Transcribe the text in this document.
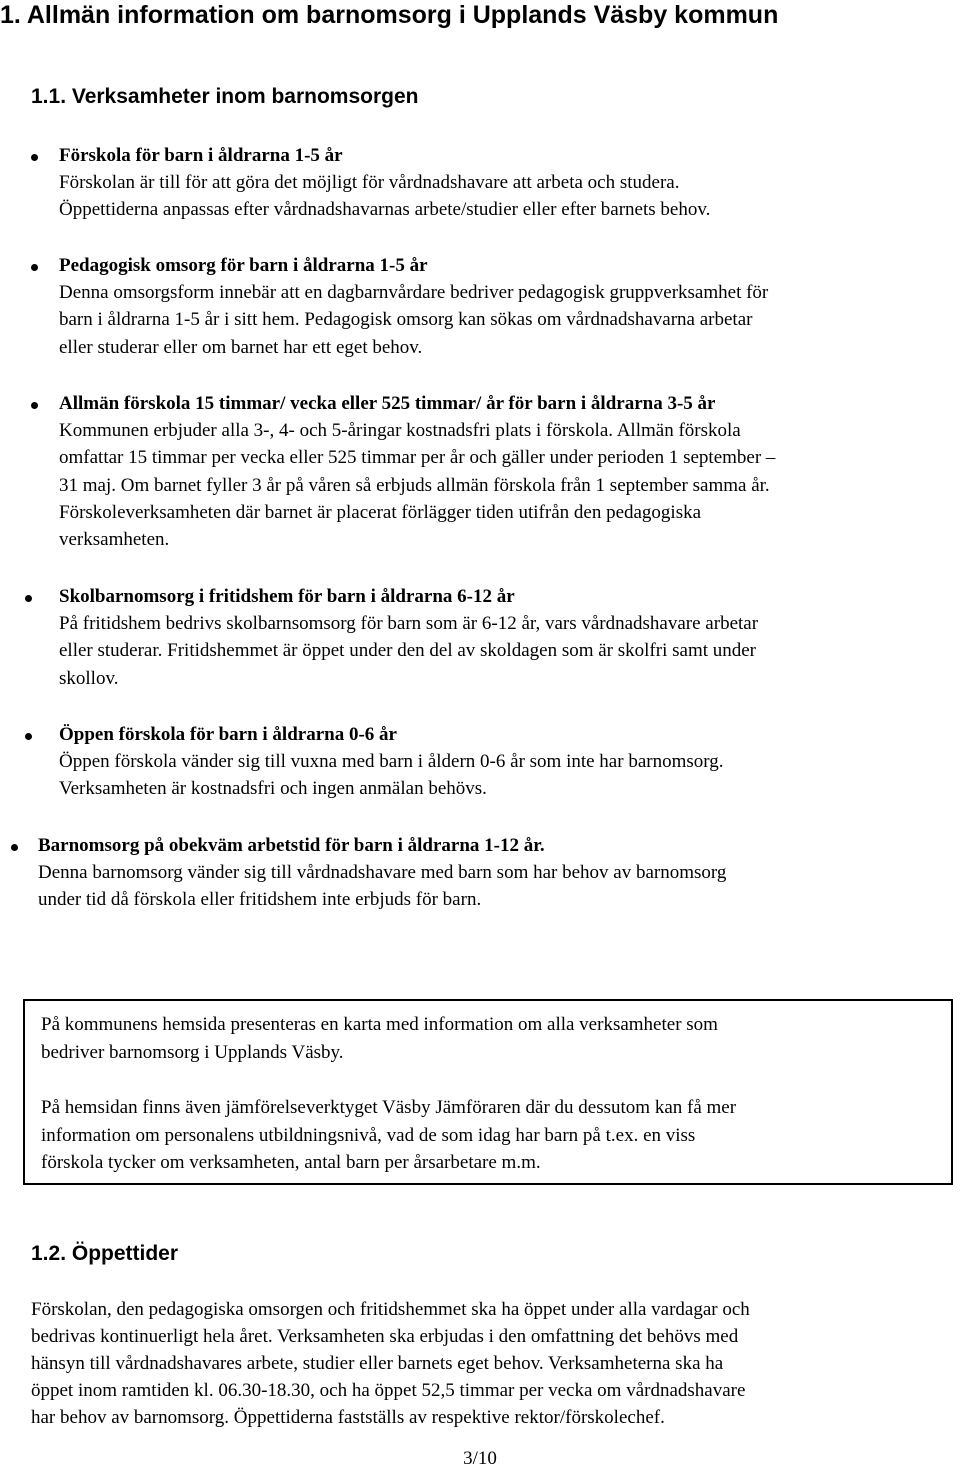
1. Allmän information om barnomsorg i Upplands Väsby kommun
1.1. Verksamheter inom barnomsorgen
Förskola för barn i åldrarna 1-5 år
Förskolan är till för att göra det möjligt för vårdnadshavare att arbeta och studera.
Öppettiderna anpassas efter vårdnadshavarnas arbete/studier eller efter barnets behov.
Pedagogisk omsorg för barn i åldrarna 1-5 år
Denna omsorgsform innebär att en dagbarnvårdare bedriver pedagogisk gruppverksamhet för
barn i åldrarna 1-5 år i sitt hem. Pedagogisk omsorg kan sökas om vårdnadshavarna arbetar
eller studerar eller om barnet har ett eget behov.
Allmän förskola 15 timmar/ vecka eller 525 timmar/ år för barn i åldrarna 3-5 år
Kommunen erbjuder alla 3-, 4- och 5-åringar kostnadsfri plats i förskola. Allmän förskola
omfattar 15 timmar per vecka eller 525 timmar per år och gäller under perioden 1 september –
31 maj. Om barnet fyller 3 år på våren så erbjuds allmän förskola från 1 september samma år.
Förskoleverksamheten där barnet är placerat förlägger tiden utifrån den pedagogiska
verksamheten.
Skolbarnomsorg i fritidshem för barn i åldrarna 6-12 år
På fritidshem bedrivs skolbarnsomsorg för barn som är 6-12 år, vars vårdnadshavare arbetar
eller studerar. Fritidshemmet är öppet under den del av skoldagen som är skolfri samt under
skollov.
Öppen förskola för barn i åldrarna 0-6 år
Öppen förskola vänder sig till vuxna med barn i åldern 0-6 år som inte har barnomsorg.
Verksamheten är kostnadsfri och ingen anmälan behövs.
Barnomsorg på obekväm arbetstid för barn i åldrarna 1-12 år.
Denna barnomsorg vänder sig till vårdnadshavare med barn som har behov av barnomsorg
under tid då förskola eller fritidshem inte erbjuds för barn.

På kommunens hemsida presenteras en karta med information om alla verksamheter som
bedriver barnomsorg i Upplands Väsby.

På hemsidan finns även jämförelseverktyget Väsby Jämföraren där du dessutom kan få mer
information om personalens utbildningsnivå, vad de som idag har barn på t.ex. en viss
förskola tycker om verksamheten, antal barn per årsarbetare m.m.

1.2. Öppettider
Förskolan, den pedagogiska omsorgen och fritidshemmet ska ha öppet under alla vardagar och
bedrivas kontinuerligt hela året. Verksamheten ska erbjudas i den omfattning det behövs med
hänsyn till vårdnadshavares arbete, studier eller barnets eget behov. Verksamheterna ska ha
öppet inom ramtiden kl. 06.30-18.30, och ha öppet 52,5 timmar per vecka om vårdnadshavare
har behov av barnomsorg. Öppettiderna fastställs av respektive rektor/förskolechef.
3/10
